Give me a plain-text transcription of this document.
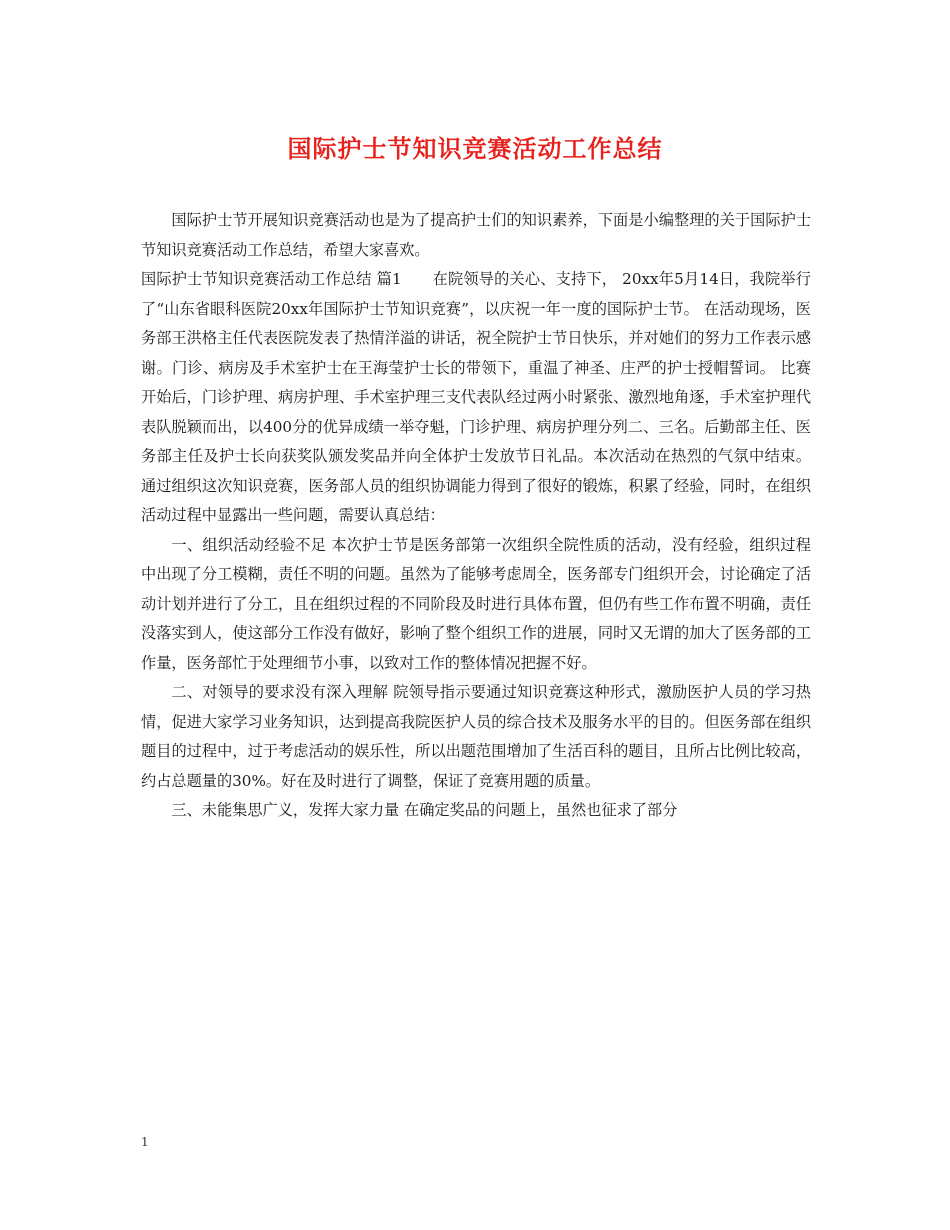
国际护士节知识竞赛活动工作总结

国际护士节开展知识竞赛活动也是为了提高护士们的知识素养，下面是小编整理的关于国际护士节知识竞赛活动工作总结，希望大家喜欢。

国际护士节知识竞赛活动工作总结 篇1　　在院领导的关心、支持下， 20xx年5月14日，我院举行了“山东省眼科医院20xx年国际护士节知识竞赛”，以庆祝一年一度的国际护士节。 在活动现场，医务部王洪格主任代表医院发表了热情洋溢的讲话，祝全院护士节日快乐，并对她们的努力工作表示感谢。门诊、病房及手术室护士在王海莹护士长的带领下，重温了神圣、庄严的护士授帽誓词。 比赛开始后，门诊护理、病房护理、手术室护理三支代表队经过两小时紧张、激烈地角逐，手术室护理代表队脱颖而出，以400分的优异成绩一举夺魁，门诊护理、病房护理分列二、三名。后勤部主任、医务部主任及护士长向获奖队颁发奖品并向全体护士发放节日礼品。本次活动在热烈的气氛中结束。 通过组织这次知识竞赛，医务部人员的组织协调能力得到了很好的锻炼，积累了经验，同时，在组织活动过程中显露出一些问题，需要认真总结：

一、组织活动经验不足 本次护士节是医务部第一次组织全院性质的活动，没有经验，组织过程中出现了分工模糊，责任不明的问题。虽然为了能够考虑周全，医务部专门组织开会，讨论确定了活动计划并进行了分工，且在组织过程的不同阶段及时进行具体布置，但仍有些工作布置不明确，责任没落实到人，使这部分工作没有做好，影响了整个组织工作的进展，同时又无谓的加大了医务部的工作量，医务部忙于处理细节小事，以致对工作的整体情况把握不好。

二、对领导的要求没有深入理解 院领导指示要通过知识竞赛这种形式，激励医护人员的学习热情，促进大家学习业务知识，达到提高我院医护人员的综合技术及服务水平的目的。但医务部在组织题目的过程中，过于考虑活动的娱乐性，所以出题范围增加了生活百科的题目，且所占比例比较高，约占总题量的30%。好在及时进行了调整，保证了竞赛用题的质量。

三、未能集思广义，发挥大家力量 在确定奖品的问题上，虽然也征求了部分

1
